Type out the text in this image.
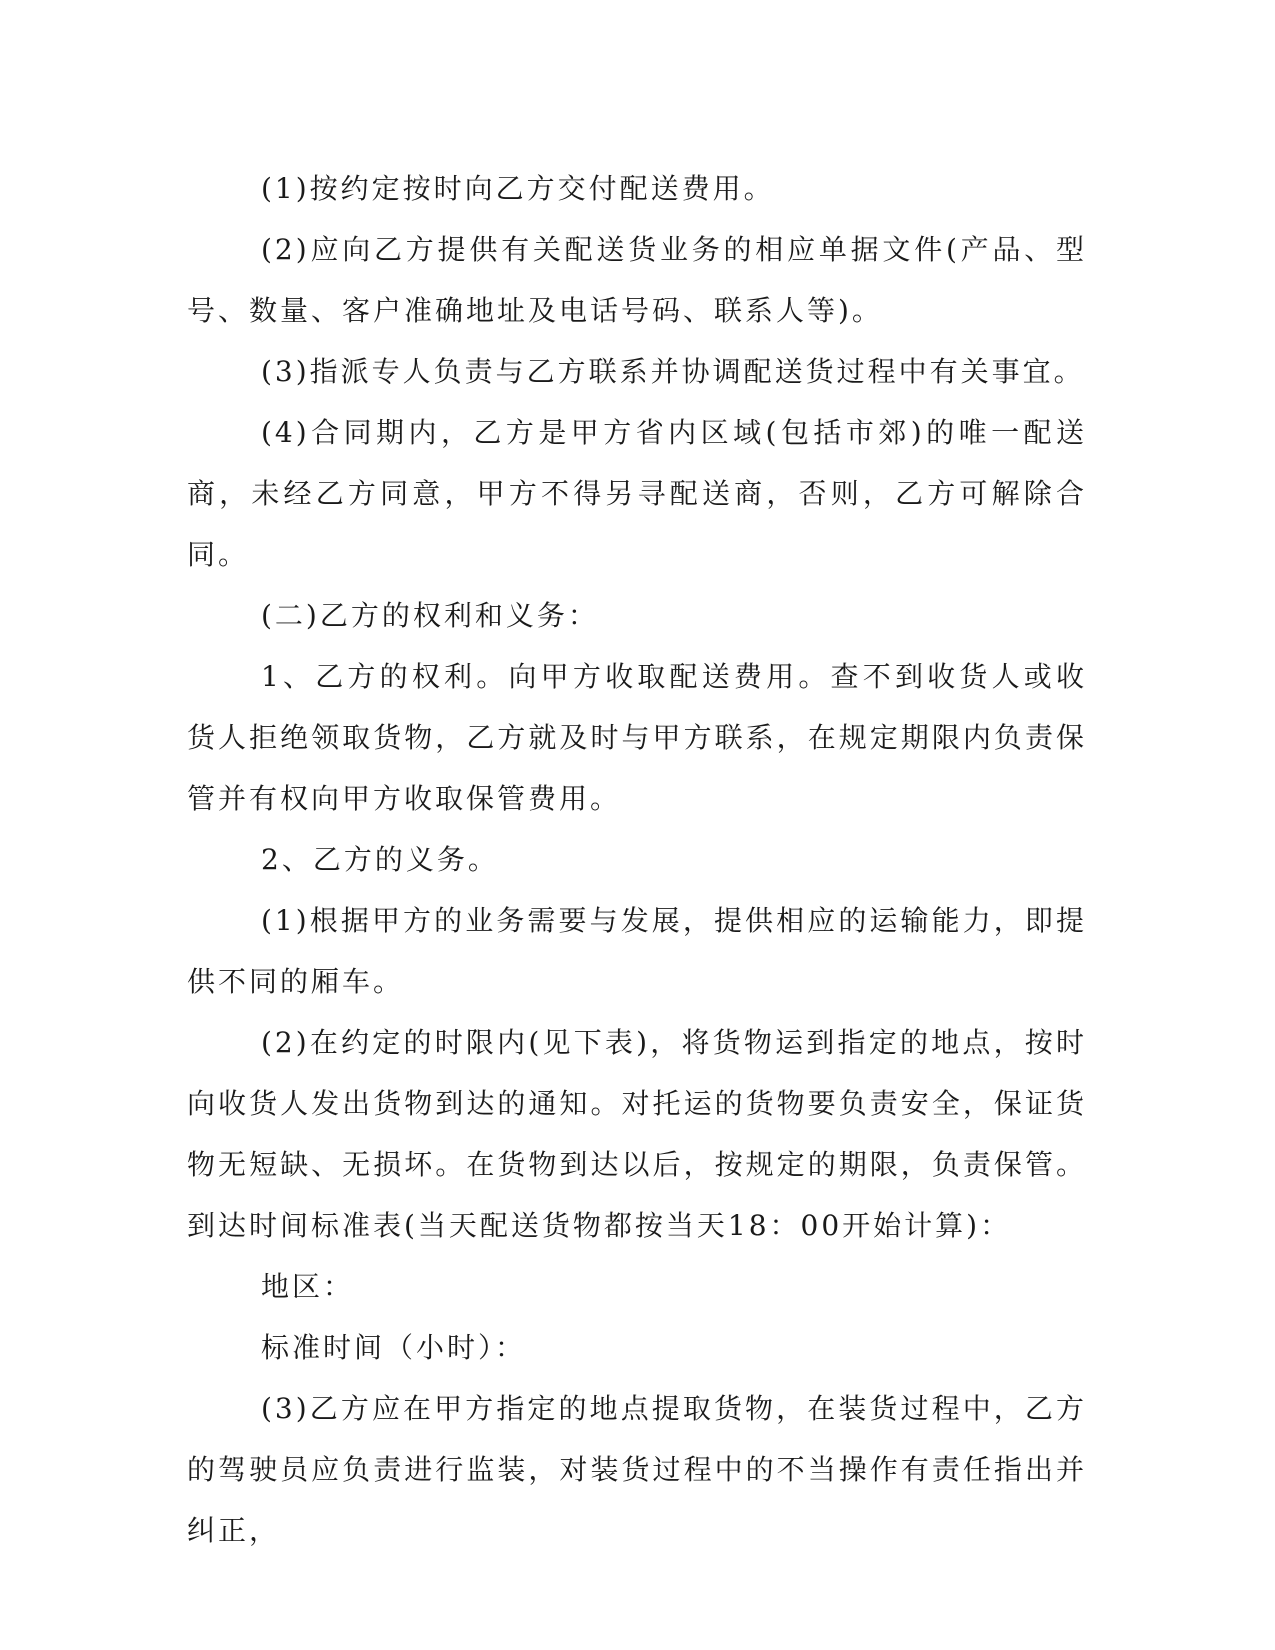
(1)按约定按时向乙方交付配送费用。

(2)应向乙方提供有关配送货业务的相应单据文件(产品、型号、数量、客户准确地址及电话号码、联系人等)。

(3)指派专人负责与乙方联系并协调配送货过程中有关事宜。

(4)合同期内，乙方是甲方省内区域(包括市郊)的唯一配送商，未经乙方同意，甲方不得另寻配送商，否则，乙方可解除合同。

(二)乙方的权利和义务：

1、乙方的权利。向甲方收取配送费用。查不到收货人或收货人拒绝领取货物，乙方就及时与甲方联系，在规定期限内负责保管并有权向甲方收取保管费用。

2、乙方的义务。

(1)根据甲方的业务需要与发展，提供相应的运输能力，即提供不同的厢车。

(2)在约定的时限内(见下表)，将货物运到指定的地点，按时向收货人发出货物到达的通知。对托运的货物要负责安全，保证货物无短缺、无损坏。在货物到达以后，按规定的期限，负责保管。到达时间标准表(当天配送货物都按当天18：00开始计算)：

地区：

标准时间（小时）：

(3)乙方应在甲方指定的地点提取货物，在装货过程中，乙方的驾驶员应负责进行监装，对装货过程中的不当操作有责任指出并纠正，
